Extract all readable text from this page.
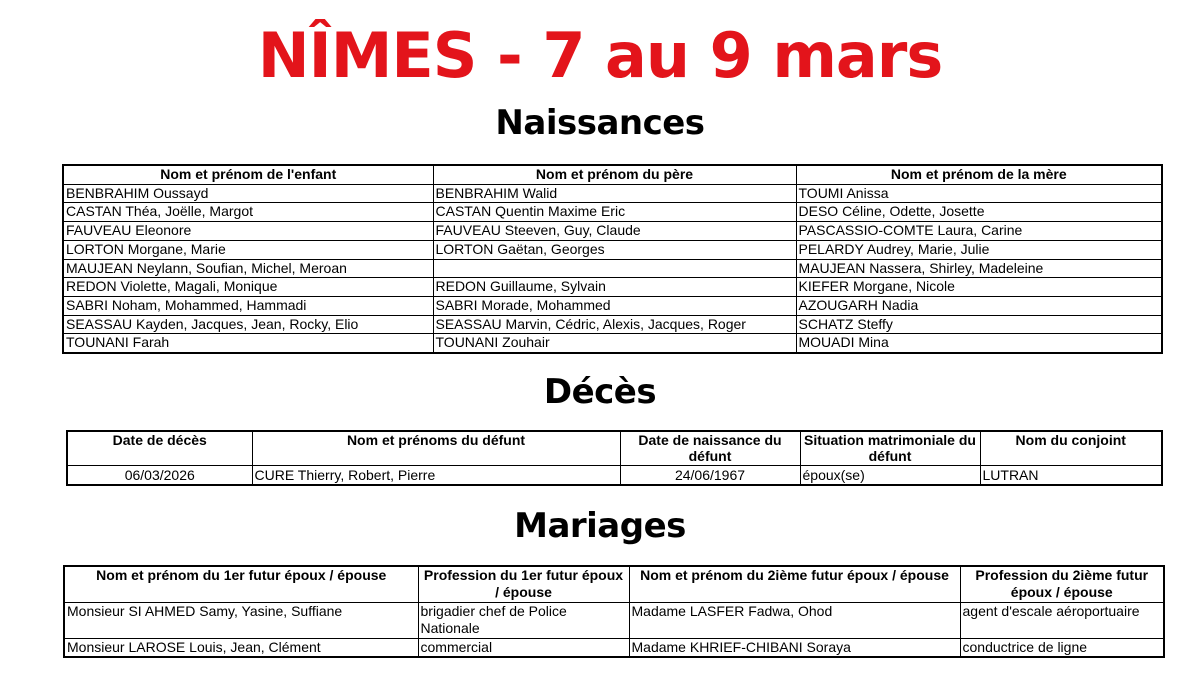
NÎMES - 7 au 9 mars
Naissances
Nom et prénom de l'enfant	Nom et prénom du père	Nom et prénom de la mère
BENBRAHIM Oussayd	BENBRAHIM Walid	TOUMI Anissa
CASTAN Théa, Joëlle, Margot	CASTAN Quentin Maxime Eric	DESO Céline, Odette, Josette
FAUVEAU Eleonore	FAUVEAU Steeven, Guy, Claude	PASCASSIO-COMTE Laura, Carine
LORTON Morgane, Marie	LORTON Gaëtan, Georges	PELARDY Audrey, Marie, Julie
MAUJEAN Neylann, Soufian, Michel, Meroan		MAUJEAN Nassera, Shirley, Madeleine
REDON Violette, Magali, Monique	REDON Guillaume, Sylvain	KIEFER Morgane, Nicole
SABRI Noham, Mohammed, Hammadi	SABRI Morade, Mohammed	AZOUGARH Nadia
SEASSAU Kayden, Jacques, Jean, Rocky, Elio	SEASSAU Marvin, Cédric, Alexis, Jacques, Roger	SCHATZ Steffy
TOUNANI Farah	TOUNANI Zouhair	MOUADI Mina
Décès
Date de décès	Nom et prénoms du défunt	Date de naissance du défunt	Situation matrimoniale du défunt	Nom du conjoint
06/03/2026	CURE Thierry, Robert, Pierre	24/06/1967	époux(se)	LUTRAN
Mariages
Nom et prénom du 1er futur époux / épouse	Profession du 1er futur époux / épouse	Nom et prénom du 2ième futur époux / épouse	Profession du 2ième futur époux / épouse
Monsieur SI AHMED Samy, Yasine, Suffiane	brigadier chef de Police Nationale	Madame LASFER Fadwa, Ohod	agent d'escale aéroportuaire
Monsieur LAROSE Louis, Jean, Clément	commercial	Madame KHRIEF-CHIBANI Soraya	conductrice de ligne
